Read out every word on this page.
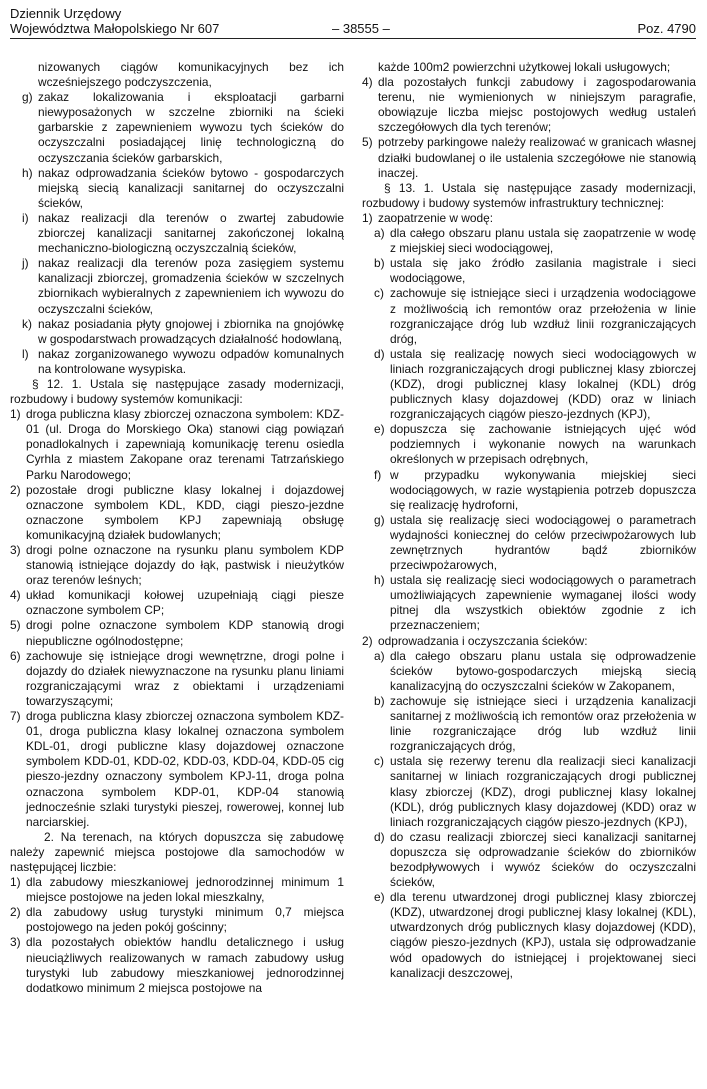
Dziennik Urzędowy
Województwa Małopolskiego Nr 607	– 38555 –	Poz. 4790

nizowanych ciągów komunikacyjnych bez ich wcześniejszego podczyszczenia,

g) zakaz lokalizowania i eksploatacji garbarni niewyposażonych w szczelne zbiorniki na ścieki garbarskie z zapewnieniem wywozu tych ścieków do oczyszczalni posiadającej linię technologiczną do oczyszczania ścieków garbarskich,

h) nakaz odprowadzania ścieków bytowo - gospodarczych miejską siecią kanalizacji sanitarnej do oczyszczalni ścieków,

i) nakaz realizacji dla terenów o zwartej zabudowie zbiorczej kanalizacji sanitarnej zakończonej lokalną mechaniczno-biologiczną oczyszczalnią ścieków,

j) nakaz realizacji dla terenów poza zasięgiem systemu kanalizacji zbiorczej, gromadzenia ścieków w szczelnych zbiornikach wybieralnych z zapewnieniem ich wywozu do oczyszczalni ścieków,

k) nakaz posiadania płyty gnojowej i zbiornika na gnojówkę w gospodarstwach prowadzących działalność hodowlaną,

l) nakaz zorganizowanego wywozu odpadów komunalnych na kontrolowane wysypiska.

§ 12. 1. Ustala się następujące zasady modernizacji, rozbudowy i budowy systemów komunikacji:

1) droga publiczna klasy zbiorczej oznaczona symbolem: KDZ-01 (ul. Droga do Morskiego Oka) stanowi ciąg powiązań ponadlokalnych i zapewniają komunikację terenu osiedla Cyrhla z miastem Zakopane oraz terenami Tatrzańskiego Parku Narodowego;

2) pozostałe drogi publiczne klasy lokalnej i dojazdowej oznaczone symbolem KDL, KDD, ciągi pieszo-jezdne oznaczone symbolem KPJ zapewniają obsługę komunikacyjną działek budowlanych;

3) drogi polne oznaczone na rysunku planu symbolem KDP stanowią istniejące dojazdy do łąk, pastwisk i nieużytków oraz terenów leśnych;

4) układ komunikacji kołowej uzupełniają ciągi piesze oznaczone symbolem CP;

5) drogi polne oznaczone symbolem KDP stanowią drogi niepubliczne ogólnodostępne;

6) zachowuje się istniejące drogi wewnętrzne, drogi polne i dojazdy do działek niewyznaczone na rysunku planu liniami rozgraniczającymi wraz z obiektami i urządzeniami towarzyszącymi;

7) droga publiczna klasy zbiorczej oznaczona symbolem KDZ-01, droga publiczna klasy lokalnej oznaczona symbolem KDL-01, drogi publiczne klasy dojazdowej oznaczone symbolem KDD-01, KDD-02, KDD-03, KDD-04, KDD-05 cig pieszo-jezdny oznaczony symbolem KPJ-11, droga polna oznaczona symbolem KDP-01, KDP-04 stanowią jednocześnie szlaki turystyki pieszej, rowerowej, konnej lub narciarskiej.

2. Na terenach, na których dopuszcza się zabudowę należy zapewnić miejsca postojowe dla samochodów w następującej liczbie:

1) dla zabudowy mieszkaniowej jednorodzinnej minimum 1 miejsce postojowe na jeden lokal mieszkalny,

2) dla zabudowy usług turystyki minimum 0,7 miejsca postojowego na jeden pokój gościnny;

3) dla pozostałych obiektów handlu detalicznego i usług nieuciążliwych realizowanych w ramach zabudowy usług turystyki lub zabudowy mieszkaniowej jednorodzinnej dodatkowo minimum 2 miejsca postojowe na

każde 100m2 powierzchni użytkowej lokali usługowych;

4) dla pozostałych funkcji zabudowy i zagospodarowania terenu, nie wymienionych w niniejszym paragrafie, obowiązuje liczba miejsc postojowych według ustaleń szczegółowych dla tych terenów;

5) potrzeby parkingowe należy realizować w granicach własnej działki budowlanej o ile ustalenia szczegółowe nie stanowią inaczej.

§ 13. 1. Ustala się następujące zasady modernizacji, rozbudowy i budowy systemów infrastruktury technicznej:

1) zaopatrzenie w wodę:

a) dla całego obszaru planu ustala się zaopatrzenie w wodę z miejskiej sieci wodociągowej,

b) ustala się jako źródło zasilania magistrale i sieci wodociągowe,

c) zachowuje się istniejące sieci i urządzenia wodociągowe z możliwością ich remontów oraz przełożenia w linie rozgraniczające dróg lub wzdłuż linii rozgraniczających dróg,

d) ustala się realizację nowych sieci wodociągowych w liniach rozgraniczających drogi publicznej klasy zbiorczej (KDZ), drogi publicznej klasy lokalnej (KDL) dróg publicznych klasy dojazdowej (KDD) oraz w liniach rozgraniczających ciągów pieszo-jezdnych (KPJ),

e) dopuszcza się zachowanie istniejących ujęć wód podziemnych i wykonanie nowych na warunkach określonych w przepisach odrębnych,

f) w przypadku wykonywania miejskiej sieci wodociągowych, w razie wystąpienia potrzeb dopuszcza się realizację hydroforni,

g) ustala się realizację sieci wodociągowej o parametrach wydajności koniecznej do celów przeciwpożarowych lub zewnętrznych hydrantów bądź zbiorników przeciwpożarowych,

h) ustala się realizację sieci wodociągowych o parametrach umożliwiających zapewnienie wymaganej ilości wody pitnej dla wszystkich obiektów zgodnie z ich przeznaczeniem;

2) odprowadzania i oczyszczania ścieków:

a) dla całego obszaru planu ustala się odprowadzenie ścieków bytowo-gospodarczych miejską siecią kanalizacyjną do oczyszczalni ścieków w Zakopanem,

b) zachowuje się istniejące sieci i urządzenia kanalizacji sanitarnej z możliwością ich remontów oraz przełożenia w linie rozgraniczające dróg lub wzdłuż linii rozgraniczających dróg,

c) ustala się rezerwy terenu dla realizacji sieci kanalizacji sanitarnej w liniach rozgraniczających drogi publicznej klasy zbiorczej (KDZ), drogi publicznej klasy lokalnej (KDL), dróg publicznych klasy dojazdowej (KDD) oraz w liniach rozgraniczających ciągów pieszo-jezdnych (KPJ),

d) do czasu realizacji zbiorczej sieci kanalizacji sanitarnej dopuszcza się odprowadzanie ścieków do zbiorników bezodpływowych i wywóz ścieków do oczyszczalni ścieków,

e) dla terenu utwardzonej drogi publicznej klasy zbiorczej (KDZ), utwardzonej drogi publicznej klasy lokalnej (KDL), utwardzonych dróg publicznych klasy dojazdowej (KDD), ciągów pieszo-jezdnych (KPJ), ustala się odprowadzanie wód opadowych do istniejącej i projektowanej sieci kanalizacji deszczowej,
